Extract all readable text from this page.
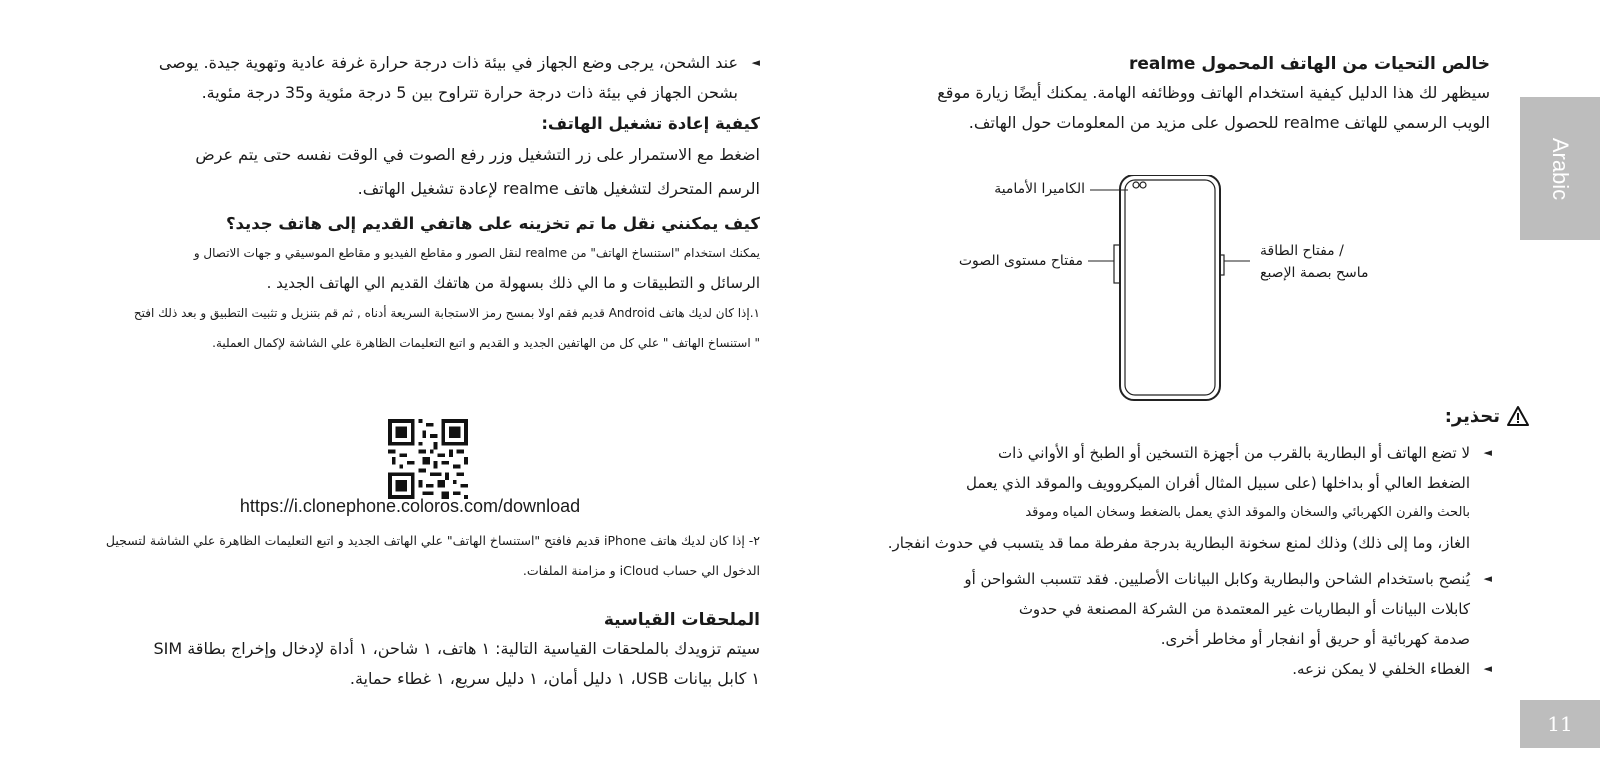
Arabic
11

خالص التحيات من الهاتف المحمول realme

سيظهر لك هذا الدليل كيفية استخدام الهاتف ووظائفه الهامة. يمكنك أيضًا زيارة موقع

الويب الرسمي للهاتف realme للحصول على مزيد من المعلومات حول الهاتف.

الكاميرا الأمامية
مفتاح مستوى الصوت
/ مفتاح الطاقة
ماسح بصمة الإصبع
تحذير:
◄

لا تضع الهاتف أو البطارية بالقرب من أجهزة التسخين أو الطبخ أو الأواني ذات

الضغط العالي أو بداخلها (على سبيل المثال أفران الميكروويف والموقد الذي يعمل

بالحث والفرن الكهربائي والسخان والموقد الذي يعمل بالضغط وسخان المياه وموقد

الغاز، وما إلى ذلك) وذلك لمنع سخونة البطارية بدرجة مفرطة مما قد يتسبب في حدوث انفجار.

◄

يُنصح باستخدام الشاحن والبطارية وكابل البيانات الأصليين. فقد تتسبب الشواحن أو

كابلات البيانات أو البطاريات غير المعتمدة من الشركة المصنعة في حدوث

صدمة كهربائية أو حريق أو انفجار أو مخاطر أخرى.

◄

الغطاء الخلفي لا يمكن نزعه.

◄

عند الشحن، يرجى وضع الجهاز في بيئة ذات درجة حرارة غرفة عادية وتهوية جيدة. يوصى

بشحن الجهاز في بيئة ذات درجة حرارة تتراوح بين 5 درجة مئوية و35 درجة مئوية.

كيفية إعادة تشغيل الهاتف:

اضغط مع الاستمرار على زر التشغيل وزر رفع الصوت في الوقت نفسه حتى يتم عرض

الرسم المتحرك لتشغيل هاتف realme لإعادة تشغيل الهاتف.

كيف يمكنني نقل ما تم تخزينه على هاتفي القديم إلى هاتف جديد؟

يمكنك استخدام "استنساخ الهاتف" من realme لنقل الصور و مقاطع الفيديو و مقاطع الموسيقي و جهات الاتصال و

الرسائل و التطبيقات و ما الي ذلك بسهولة من هاتفك القديم الي الهاتف الجديد .

١.إذا كان لديك هاتف Android قديم فقم اولا بمسح رمز الاستجابة السريعة أدناه , ثم قم بتنزيل و تثبيت التطبيق و بعد ذلك افتح

" استنساخ الهاتف " علي كل من الهاتفين الجديد و القديم و اتبع التعليمات الظاهرة علي الشاشة لإكمال العملية.

https://i.clonephone.coloros.com/download

٢- إذا كان لديك هاتف iPhone قديم فافتح "استنساخ الهاتف" علي الهاتف الجديد و اتبع التعليمات الظاهرة علي الشاشة لتسجيل

الدخول الي حساب iCloud و مزامنة الملفات.

الملحقات القياسية

سيتم تزويدك بالملحقات القياسية التالية: ١ هاتف، ١ شاحن، ١ أداة لإدخال وإخراج بطاقة SIM

١ كابل بيانات USB، ١ دليل أمان، ١ دليل سريع، ١ غطاء حماية.
